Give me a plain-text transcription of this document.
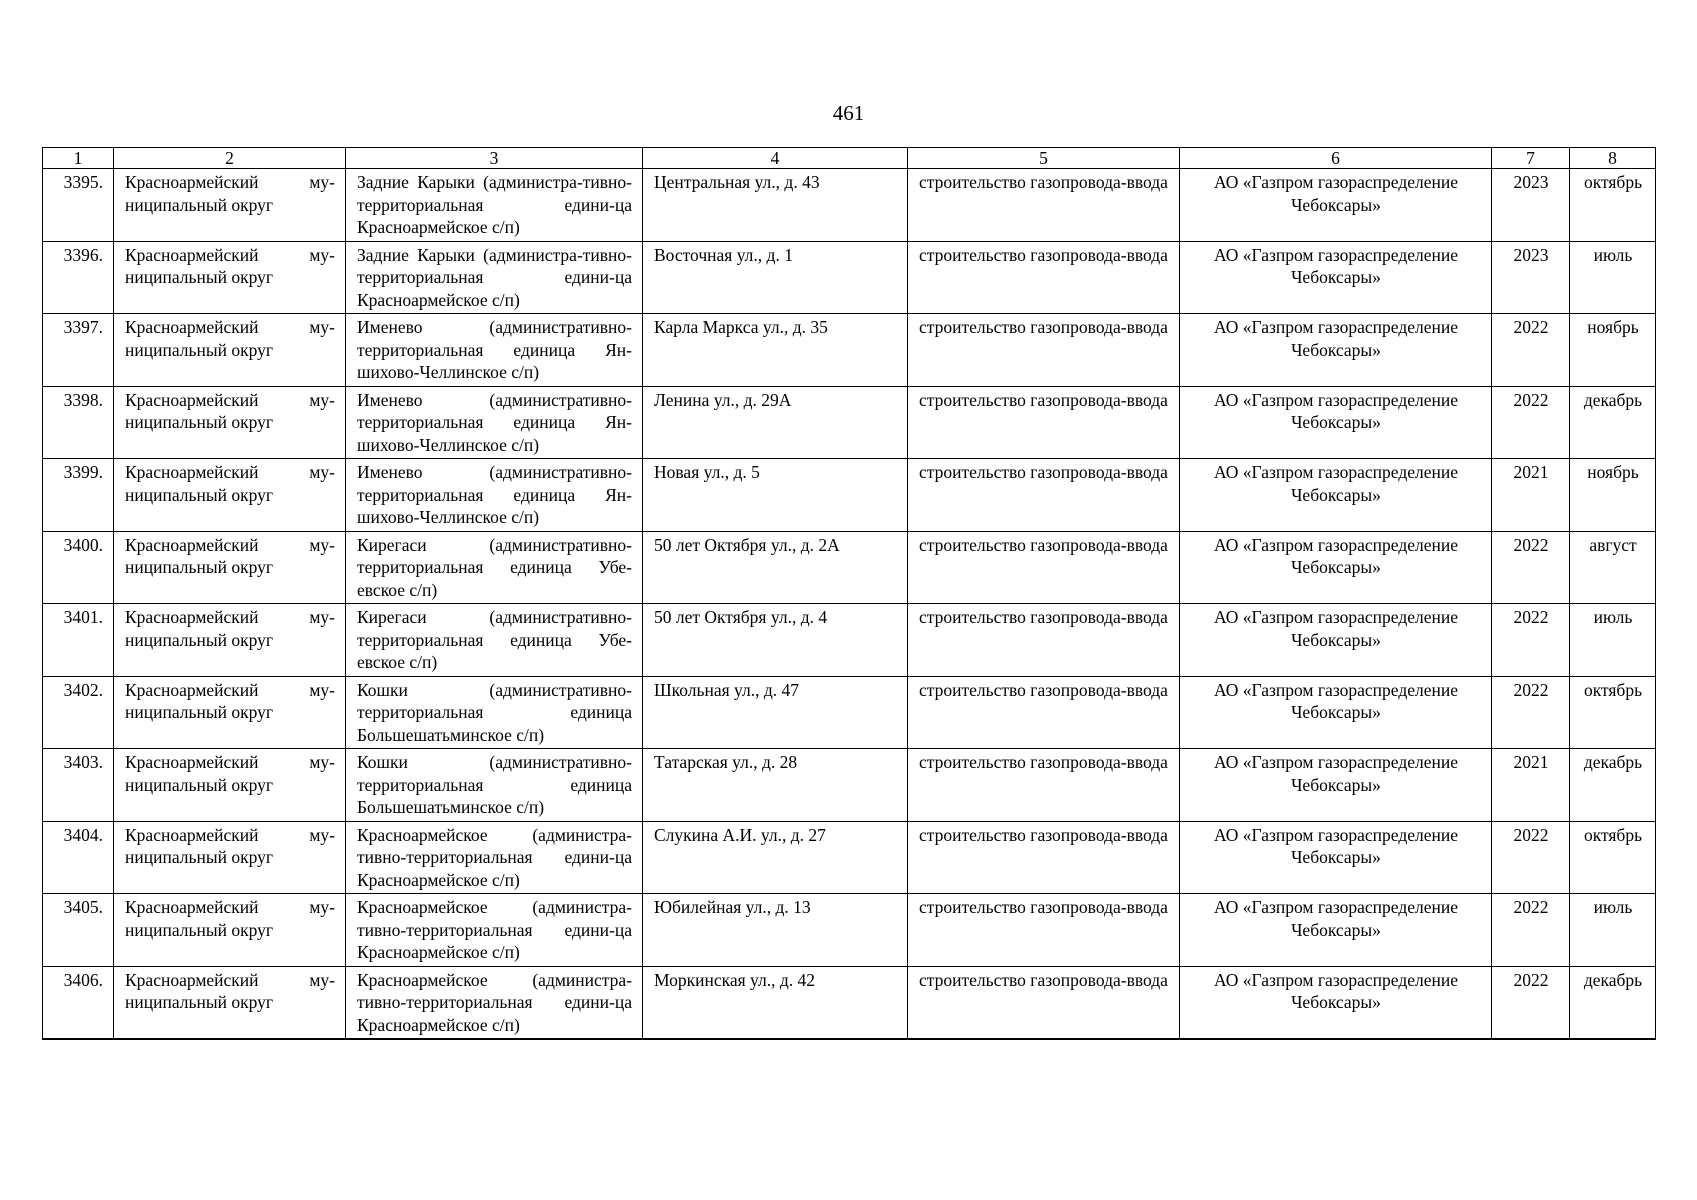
461
1	2	3	4	5	6	7	8
3395.	Красноармейский му-ниципальный округ	Задние Карыки (администра-тивно-территориальная едини-ца Красноармейское с/п)	Центральная ул., д. 43	строительство газопровода-ввода	АО «Газпром газораспределение Чебоксары»	2023	октябрь
3396.	Красноармейский му-ниципальный округ	Задние Карыки (администра-тивно-территориальная едини-ца Красноармейское с/п)	Восточная ул., д. 1	строительство газопровода-ввода	АО «Газпром газораспределение Чебоксары»	2023	июль
3397.	Красноармейский му-ниципальный округ	Именево (административно-территориальная единица Ян-шихово-Челлинское с/п)	Карла Маркса ул., д. 35	строительство газопровода-ввода	АО «Газпром газораспределение Чебоксары»	2022	ноябрь
3398.	Красноармейский му-ниципальный округ	Именево (административно-территориальная единица Ян-шихово-Челлинское с/п)	Ленина ул., д. 29А	строительство газопровода-ввода	АО «Газпром газораспределение Чебоксары»	2022	декабрь
3399.	Красноармейский му-ниципальный округ	Именево (административно-территориальная единица Ян-шихово-Челлинское с/п)	Новая ул., д. 5	строительство газопровода-ввода	АО «Газпром газораспределение Чебоксары»	2021	ноябрь
3400.	Красноармейский му-ниципальный округ	Кирегаси (административно-территориальная единица Убе-евское с/п)	50 лет Октября ул., д. 2А	строительство газопровода-ввода	АО «Газпром газораспределение Чебоксары»	2022	август
3401.	Красноармейский му-ниципальный округ	Кирегаси (административно-территориальная единица Убе-евское с/п)	50 лет Октября ул., д. 4	строительство газопровода-ввода	АО «Газпром газораспределение Чебоксары»	2022	июль
3402.	Красноармейский му-ниципальный округ	Кошки (административно-территориальная единица Большешатьминское с/п)	Школьная ул., д. 47	строительство газопровода-ввода	АО «Газпром газораспределение Чебоксары»	2022	октябрь
3403.	Красноармейский му-ниципальный округ	Кошки (административно-территориальная единица Большешатьминское с/п)	Татарская ул., д. 28	строительство газопровода-ввода	АО «Газпром газораспределение Чебоксары»	2021	декабрь
3404.	Красноармейский му-ниципальный округ	Красноармейское (администра-тивно-территориальная едини-ца Красноармейское с/п)	Слукина А.И. ул., д. 27	строительство газопровода-ввода	АО «Газпром газораспределение Чебоксары»	2022	октябрь
3405.	Красноармейский му-ниципальный округ	Красноармейское (администра-тивно-территориальная едини-ца Красноармейское с/п)	Юбилейная ул., д. 13	строительство газопровода-ввода	АО «Газпром газораспределение Чебоксары»	2022	июль
3406.	Красноармейский му-ниципальный округ	Красноармейское (администра-тивно-территориальная едини-ца Красноармейское с/п)	Моркинская ул., д. 42	строительство газопровода-ввода	АО «Газпром газораспределение Чебоксары»	2022	декабрь
